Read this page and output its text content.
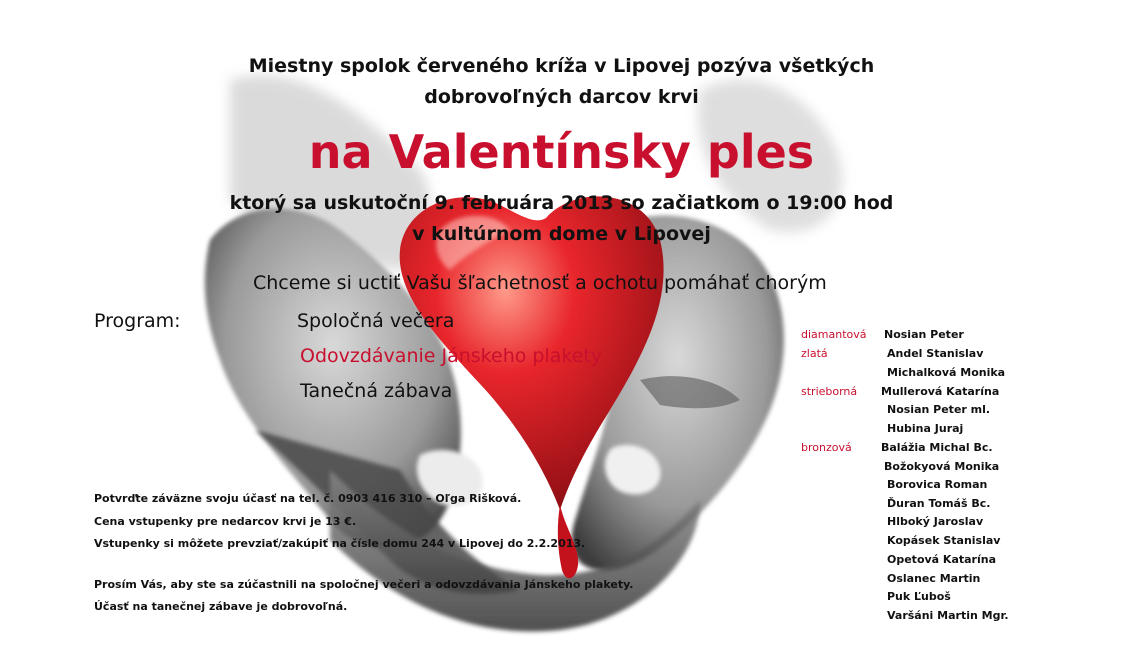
Miestny spolok červeného kríža v Lipovej pozýva všetkých
dobrovoľných darcov krvi
na Valentínsky ples
ktorý sa uskutoční 9. februára 2013 so začiatkom o 19:00 hod
v kultúrnom dome v Lipovej
Chceme si uctiť Vašu šľachetnosť a ochotu pomáhať chorým
Program:	Spoločná večera
Odovzdávanie Jánskeho plakety
Tanečná zábava
Potvrďte záväzne svoju účasť na tel. č. 0903 416 310 – Oľga Rišková.
Cena vstupenky pre nedarcov krvi je 13 €.
Vstupenky si môžete prevziať/zakúpiť na čísle domu 244 v Lipovej do 2.2.2013.
Prosím Vás, aby ste sa zúčastnili na spoločnej večeri a odovzdávania Jánskeho plakety.
Účasť na tanečnej zábave je dobrovoľná.
diamantová Nosian Peter
zlatá	Andel Stanislav
Michalková Monika
strieborná Mullerová Katarína
Nosian Peter ml.
Hubina Juraj
bronzová	Balážia Michal Bc.
Božokyová Monika
Borovica Roman
Ďuran Tomáš Bc.
Hlboký Jaroslav
Kopásek Stanislav
Opetová Katarína
Oslanec Martin
Puk Ľuboš
Varšáni Martin Mgr.
